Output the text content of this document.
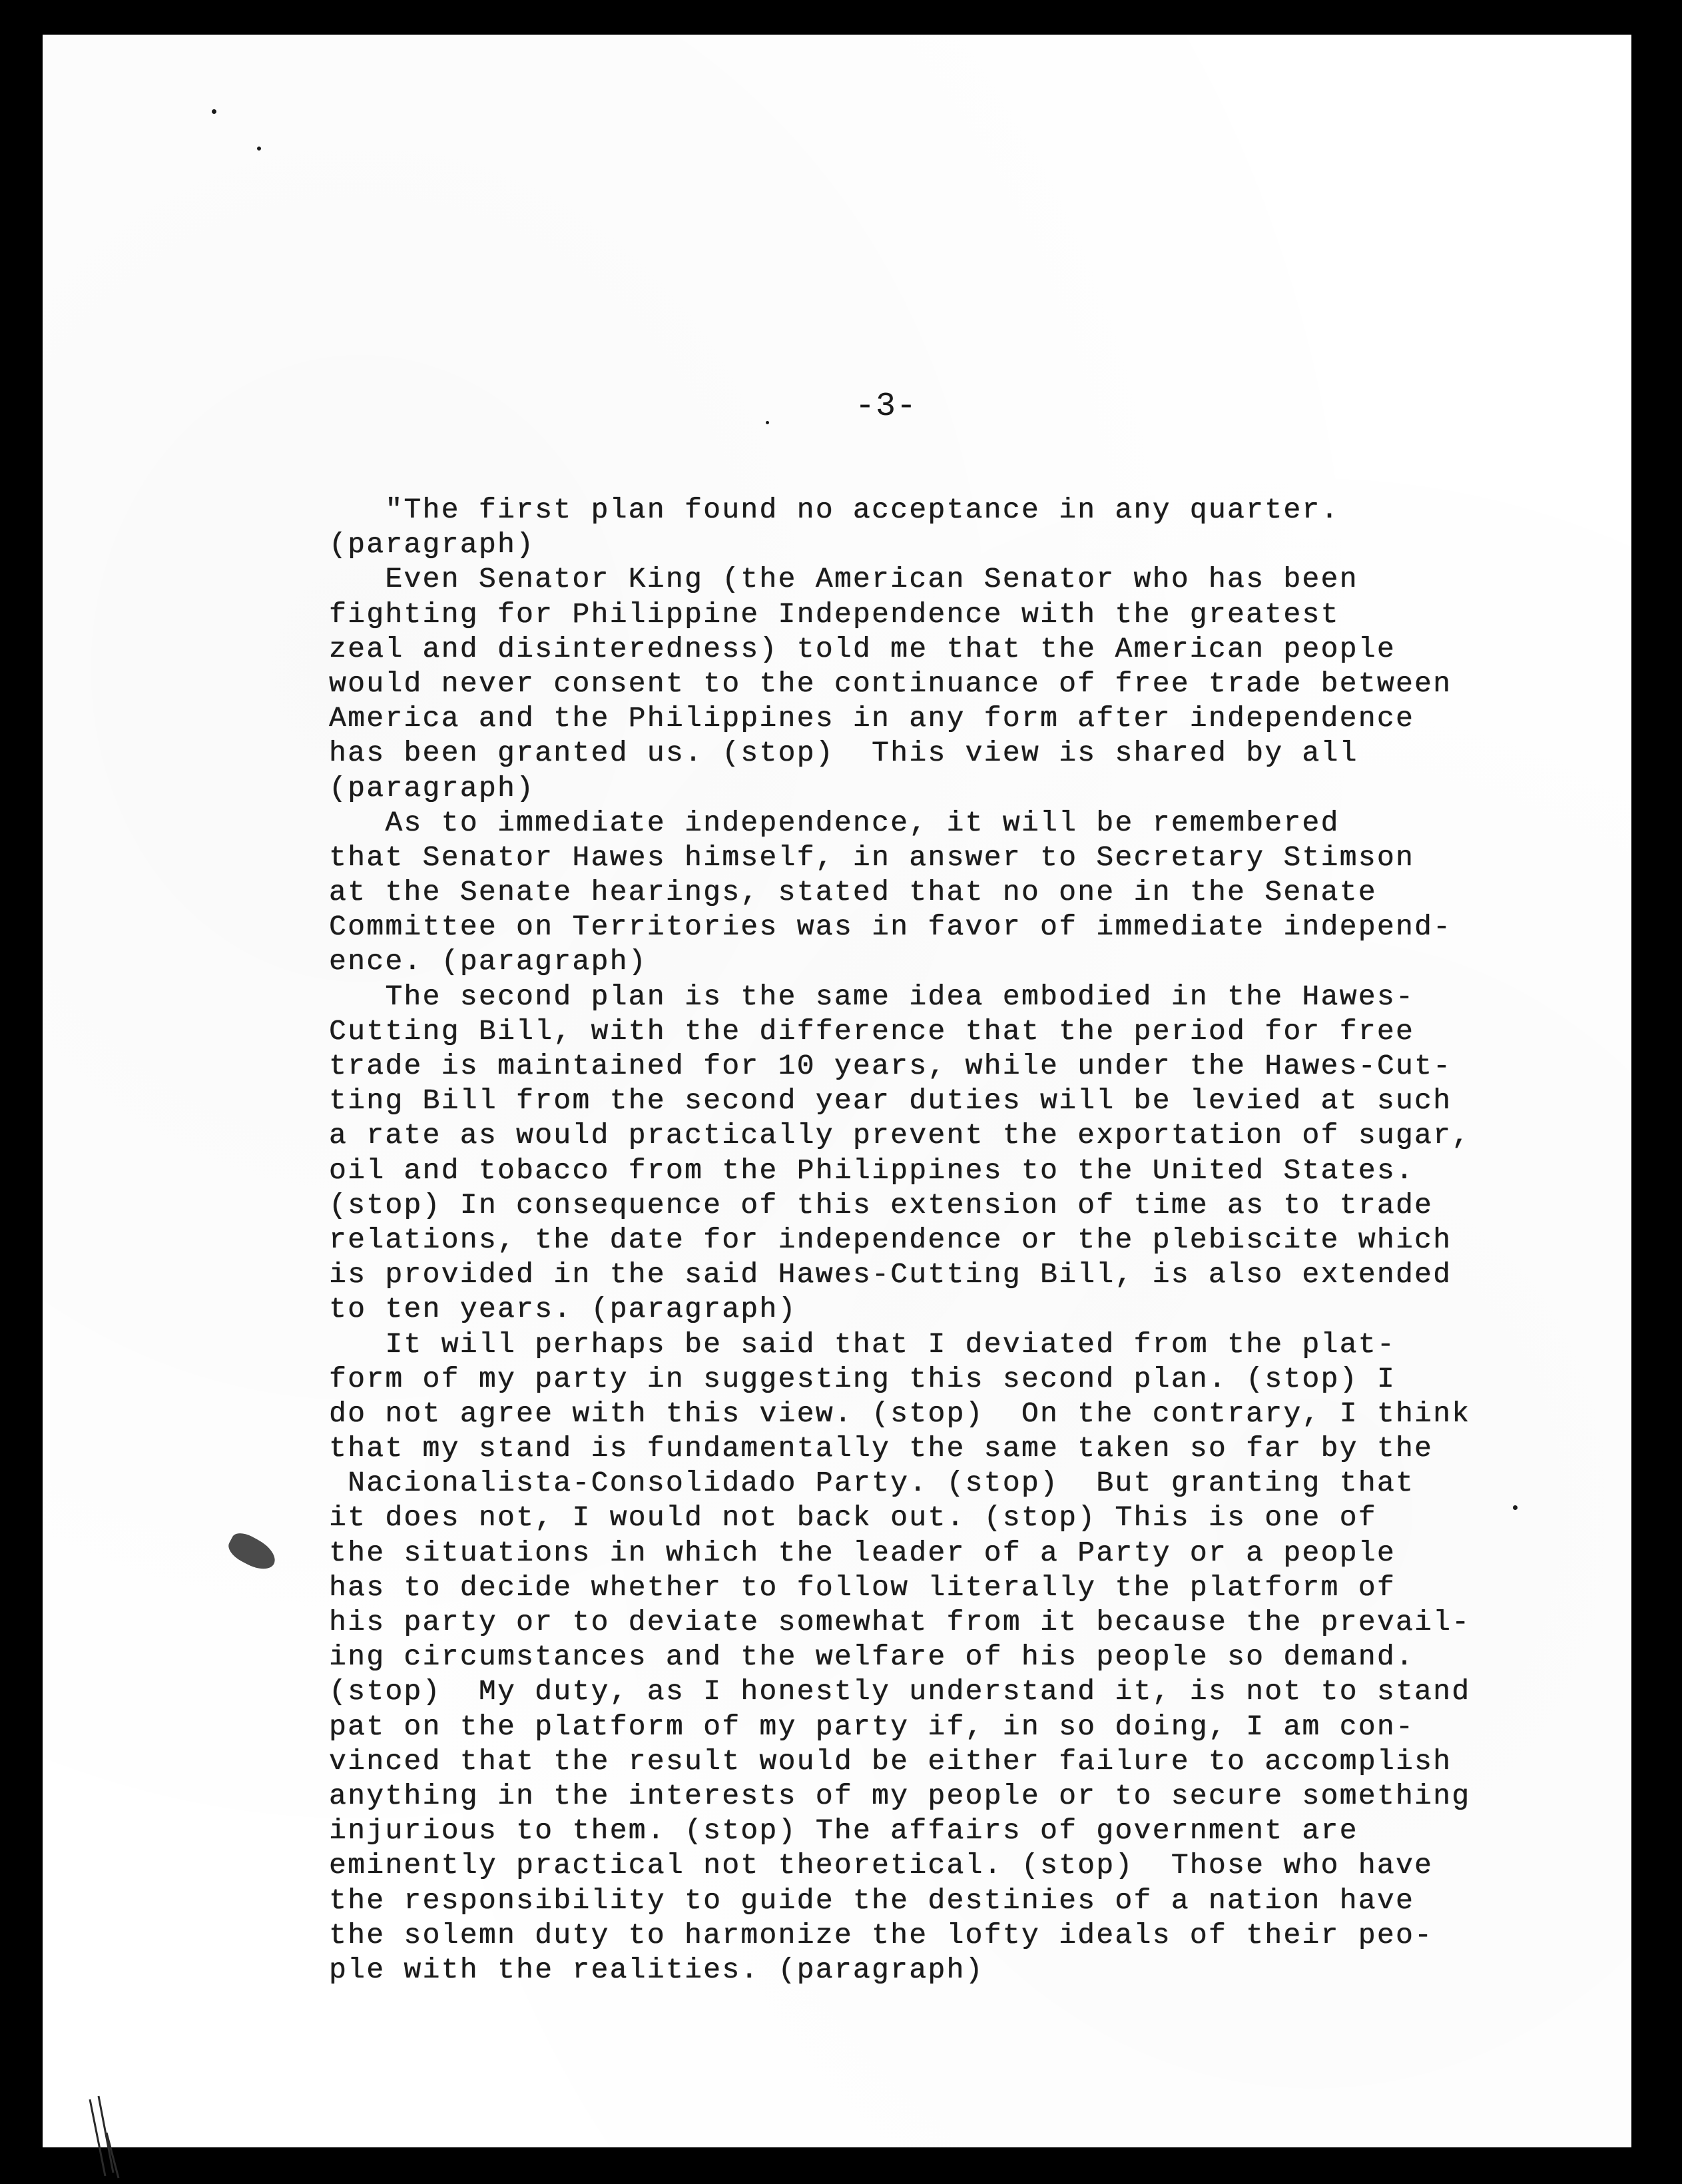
-3-
"The first plan found no acceptance in any quarter.
(paragraph)
Even Senator King (the American Senator who has been
fighting for Philippine Independence with the greatest
zeal and disinteredness) told me that the American people
would never consent to the continuance of free trade between
America and the Philippines in any form after independence
has been granted us. (stop)  This view is shared by all
(paragraph)
As to immediate independence, it will be remembered
that Senator Hawes himself, in answer to Secretary Stimson
at the Senate hearings, stated that no one in the Senate
Committee on Territories was in favor of immediate independ-
ence. (paragraph)
The second plan is the same idea embodied in the Hawes-
Cutting Bill, with the difference that the period for free
trade is maintained for 10 years, while under the Hawes-Cut-
ting Bill from the second year duties will be levied at such
a rate as would practically prevent the exportation of sugar,
oil and tobacco from the Philippines to the United States.
(stop) In consequence of this extension of time as to trade
relations, the date for independence or the plebiscite which
is provided in the said Hawes-Cutting Bill, is also extended
to ten years. (paragraph)
It will perhaps be said that I deviated from the plat-
form of my party in suggesting this second plan. (stop) I
do not agree with this view. (stop)  On the contrary, I think
that my stand is fundamentally the same taken so far by the
Nacionalista-Consolidado Party. (stop)  But granting that
it does not, I would not back out. (stop) This is one of
the situations in which the leader of a Party or a people
has to decide whether to follow literally the platform of
his party or to deviate somewhat from it because the prevail-
ing circumstances and the welfare of his people so demand.
(stop)  My duty, as I honestly understand it, is not to stand
pat on the platform of my party if, in so doing, I am con-
vinced that the result would be either failure to accomplish
anything in the interests of my people or to secure something
injurious to them. (stop) The affairs of government are
eminently practical not theoretical. (stop)  Those who have
the responsibility to guide the destinies of a nation have
the solemn duty to harmonize the lofty ideals of their peo-
ple with the realities. (paragraph)
